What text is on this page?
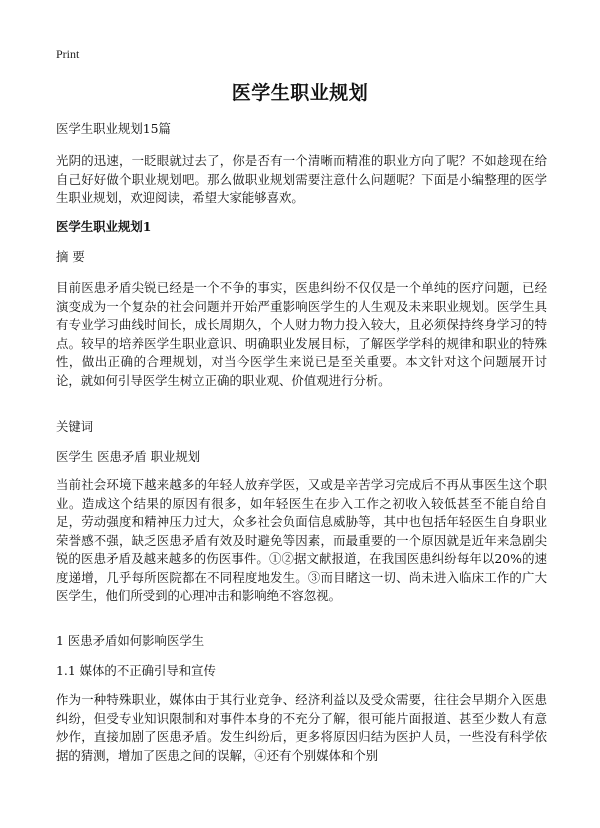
Print
医学生职业规划
医学生职业规划15篇

光阴的迅速，一眨眼就过去了，你是否有一个清晰而精准的职业方向了呢？不如趁现在给自己好好做个职业规划吧。那么做职业规划需要注意什么问题呢？下面是小编整理的医学生职业规划，欢迎阅读，希望大家能够喜欢。

医学生职业规划1
摘 要

目前医患矛盾尖锐已经是一个不争的事实，医患纠纷不仅仅是一个单纯的医疗问题，已经演变成为一个复杂的社会问题并开始严重影响医学生的人生观及未来职业规划。医学生具有专业学习曲线时间长，成长周期久，个人财力物力投入较大，且必须保持终身学习的特点。较早的培养医学生职业意识、明确职业发展目标，了解医学学科的规律和职业的特殊性，做出正确的合理规划，对当今医学生来说已是至关重要。本文针对这个问题展开讨论，就如何引导医学生树立正确的职业观、价值观进行分析。

关键词
医学生 医患矛盾 职业规划

当前社会环境下越来越多的年轻人放弃学医，又或是辛苦学习完成后不再从事医生这个职业。造成这个结果的原因有很多，如年轻医生在步入工作之初收入较低甚至不能自给自足，劳动强度和精神压力过大，众多社会负面信息威胁等，其中也包括年轻医生自身职业荣誉感不强，缺乏医患矛盾有效及时避免等因素，而最重要的一个原因就是近年来急剧尖锐的医患矛盾及越来越多的伤医事件。①②据文献报道，在我国医患纠纷每年以20%的速度递增，几乎每所医院都在不同程度地发生。③而目睹这一切、尚未进入临床工作的广大医学生，他们所受到的心理冲击和影响绝不容忽视。

1 医患矛盾如何影响医学生
1.1 媒体的不正确引导和宣传

作为一种特殊职业，媒体由于其行业竞争、经济利益以及受众需要，往往会早期介入医患纠纷，但受专业知识限制和对事件本身的不充分了解，很可能片面报道、甚至少数人有意炒作，直接加剧了医患矛盾。发生纠纷后，更多将原因归结为医护人员，一些没有科学依据的猜测，增加了医患之间的误解，④还有个别媒体和个别
